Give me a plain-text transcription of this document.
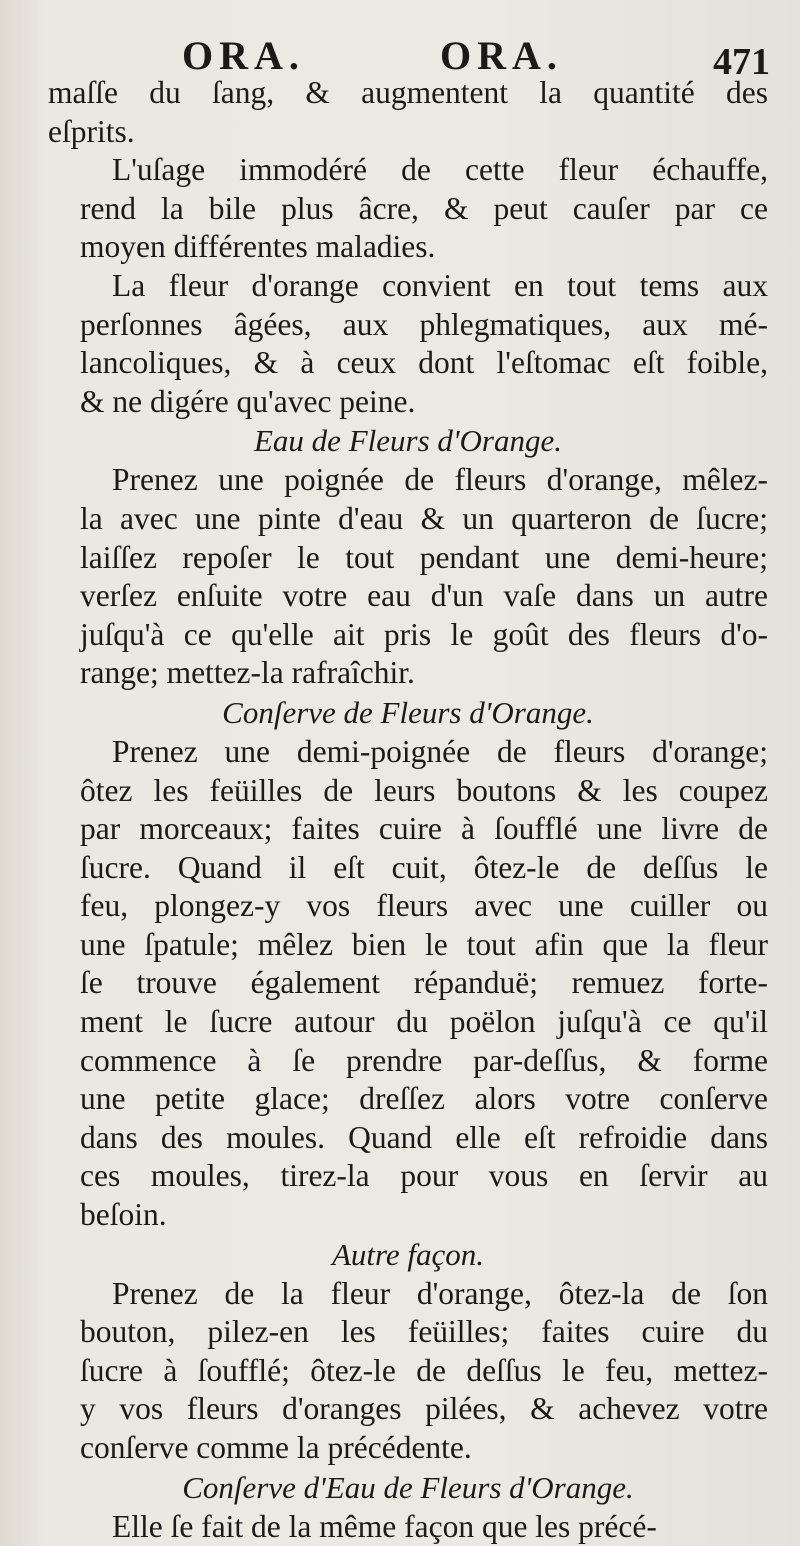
ORA.	ORA.	471
maſſe du ſang, & augmentent la quantité des
eſprits.
L'uſage immodéré de cette fleur échauffe,
rend la bile plus âcre, & peut cauſer par ce
moyen différentes maladies.
La fleur d'orange convient en tout tems aux
perſonnes âgées, aux phlegmatiques, aux mé-
lancoliques, & à ceux dont l'eſtomac eſt foible,
& ne digére qu'avec peine.

Eau de Fleurs d'Orange.

Prenez une poignée de fleurs d'orange, mêlez-
la avec une pinte d'eau & un quarteron de ſucre;
laiſſez repoſer le tout pendant une demi-heure;
verſez enſuite votre eau d'un vaſe dans un autre
juſqu'à ce qu'elle ait pris le goût des fleurs d'o-
range; mettez-la rafraîchir.

Conſerve de Fleurs d'Orange.

Prenez une demi-poignée de fleurs d'orange;
ôtez les feüilles de leurs boutons & les coupez
par morceaux; faites cuire à ſoufflé une livre de
ſucre. Quand il eſt cuit, ôtez-le de deſſus le
feu, plongez-y vos fleurs avec une cuiller ou
une ſpatule; mêlez bien le tout afin que la fleur
ſe trouve également répanduë; remuez forte-
ment le ſucre autour du poëlon juſqu'à ce qu'il
commence à ſe prendre par-deſſus, & forme
une petite glace; dreſſez alors votre conſerve
dans des moules. Quand elle eſt refroidie dans
ces moules, tirez-la pour vous en ſervir au
beſoin.

Autre façon.

Prenez de la fleur d'orange, ôtez-la de ſon
bouton, pilez-en les feüilles; faites cuire du
ſucre à ſoufflé; ôtez-le de deſſus le feu, mettez-
y vos fleurs d'oranges pilées, & achevez votre
conſerve comme la précédente.

Conſerve d'Eau de Fleurs d'Orange.

Elle ſe fait de la même façon que les précé-
